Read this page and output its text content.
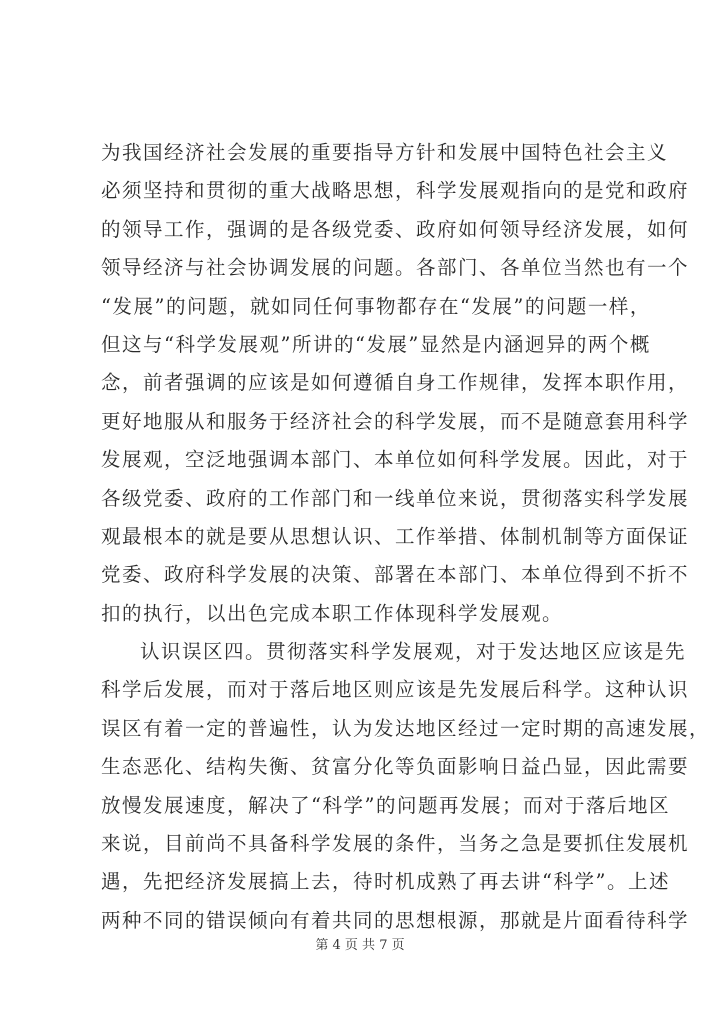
为我国经济社会发展的重要指导方针和发展中国特色社会主义
必须坚持和贯彻的重大战略思想，科学发展观指向的是党和政府
的领导工作，强调的是各级党委、政府如何领导经济发展，如何
领导经济与社会协调发展的问题。各部门、各单位当然也有一个
“发展”的问题，就如同任何事物都存在“发展”的问题一样，
但这与“科学发展观”所讲的“发展”显然是内涵迥异的两个概
念，前者强调的应该是如何遵循自身工作规律，发挥本职作用，
更好地服从和服务于经济社会的科学发展，而不是随意套用科学
发展观，空泛地强调本部门、本单位如何科学发展。因此，对于
各级党委、政府的工作部门和一线单位来说，贯彻落实科学发展
观最根本的就是要从思想认识、工作举措、体制机制等方面保证
党委、政府科学发展的决策、部署在本部门、本单位得到不折不
扣的执行，以出色完成本职工作体现科学发展观。
认识误区四。贯彻落实科学发展观，对于发达地区应该是先
科学后发展，而对于落后地区则应该是先发展后科学。这种认识
误区有着一定的普遍性，认为发达地区经过一定时期的高速发展，
生态恶化、结构失衡、贫富分化等负面影响日益凸显，因此需要
放慢发展速度，解决了“科学”的问题再发展；而对于落后地区
来说，目前尚不具备科学发展的条件，当务之急是要抓住发展机
遇，先把经济发展搞上去，待时机成熟了再去讲“科学”。上述
两种不同的错误倾向有着共同的思想根源，那就是片面看待科学
第 4 页 共 7 页
